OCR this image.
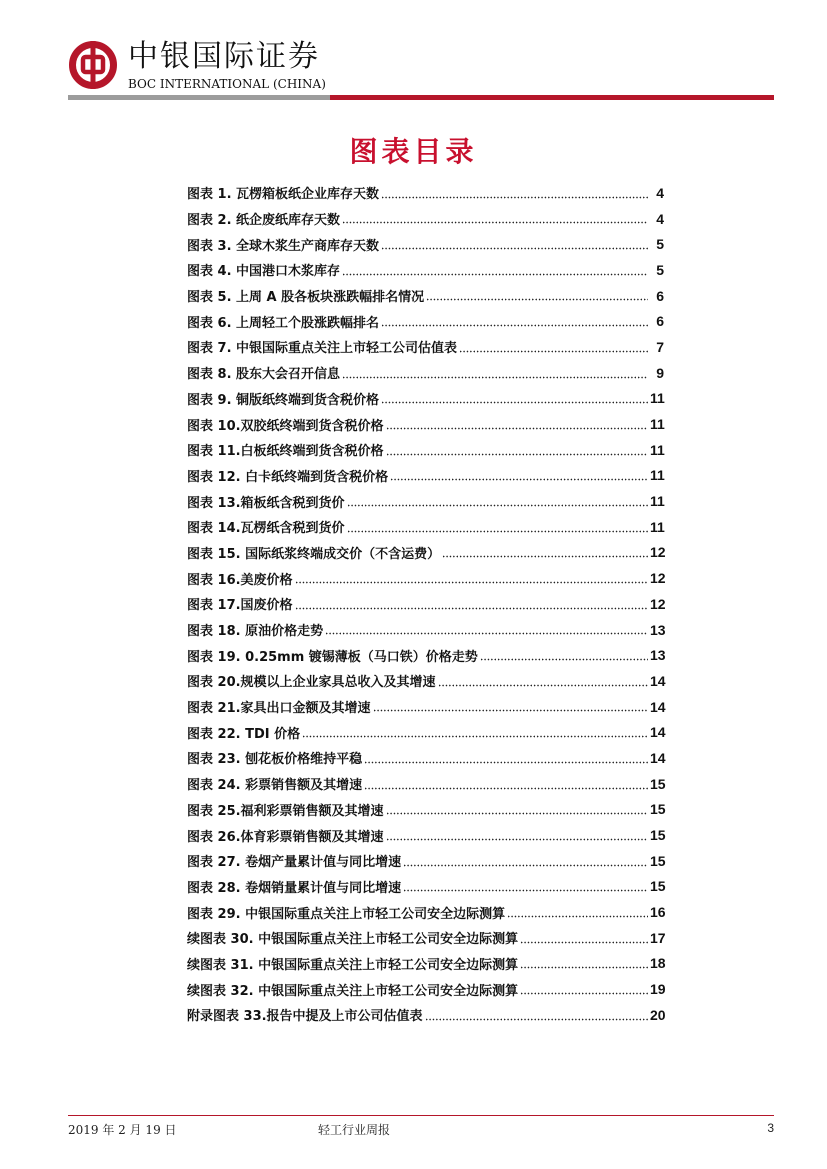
中银国际证券
BOC INTERNATIONAL (CHINA)
图表目录
图表 1. 瓦楞箱板纸企业库存天数	4
图表 2. 纸企废纸库存天数	4
图表 3. 全球木浆生产商库存天数	5
图表 4. 中国港口木浆库存	5
图表 5. 上周 A 股各板块涨跌幅排名情况	6
图表 6. 上周轻工个股涨跌幅排名	6
图表 7. 中银国际重点关注上市轻工公司估值表	7
图表 8. 股东大会召开信息	9
图表 9. 铜版纸终端到货含税价格	11
图表 10.双胶纸终端到货含税价格	11
图表 11.白板纸终端到货含税价格	11
图表 12. 白卡纸终端到货含税价格	11
图表 13.箱板纸含税到货价	11
图表 14.瓦楞纸含税到货价	11
图表 15. 国际纸浆终端成交价（不含运费）	12
图表 16.美废价格	12
图表 17.国废价格	12
图表 18. 原油价格走势	13
图表 19. 0.25mm 镀锡薄板（马口铁）价格走势	13
图表 20.规模以上企业家具总收入及其增速	14
图表 21.家具出口金额及其增速	14
图表 22. TDI 价格	14
图表 23. 刨花板价格维持平稳	14
图表 24. 彩票销售额及其增速	15
图表 25.福利彩票销售额及其增速	15
图表 26.体育彩票销售额及其增速	15
图表 27. 卷烟产量累计值与同比增速	15
图表 28. 卷烟销量累计值与同比增速	15
图表 29. 中银国际重点关注上市轻工公司安全边际测算	16
续图表 30. 中银国际重点关注上市轻工公司安全边际测算	17
续图表 31. 中银国际重点关注上市轻工公司安全边际测算	18
续图表 32. 中银国际重点关注上市轻工公司安全边际测算	19
附录图表 33.报告中提及上市公司估值表	20
2019 年 2 月 19 日	轻工行业周报	3
